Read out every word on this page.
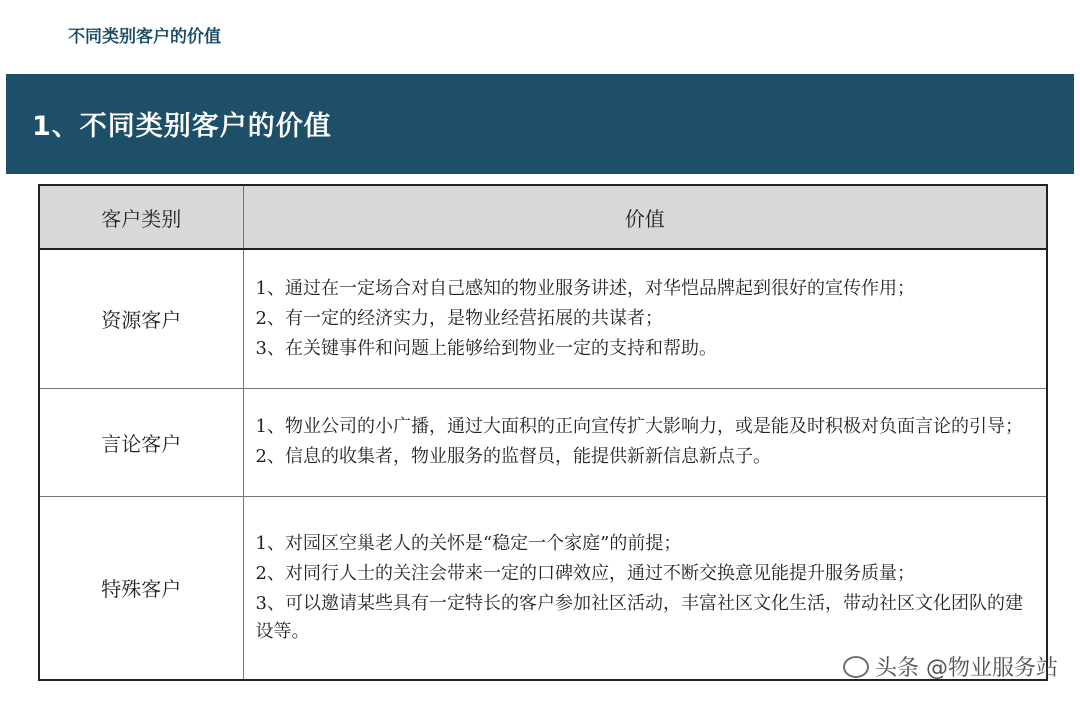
不同类别客户的价值
1、不同类别客户的价值
客户类别	价值
资源客户	1、通过在一定场合对自己感知的物业服务讲述，对华恺品牌起到很好的宣传作用；
2、有一定的经济实力，是物业经营拓展的共谋者；
3、在关键事件和问题上能够给到物业一定的支持和帮助。

言论客户	1、物业公司的小广播，通过大面积的正向宣传扩大影响力，或是能及时积极对负面言论的引导；
2、信息的收集者，物业服务的监督员，能提供新新信息新点子。

特殊客户	1、对园区空巢老人的关怀是“稳定一个家庭”的前提；
2、对同行人士的关注会带来一定的口碑效应，通过不断交换意见能提升服务质量；
3、可以邀请某些具有一定特长的客户参加社区活动，丰富社区文化生活，带动社区文化团队的建设等。
头条 @物业服务站
